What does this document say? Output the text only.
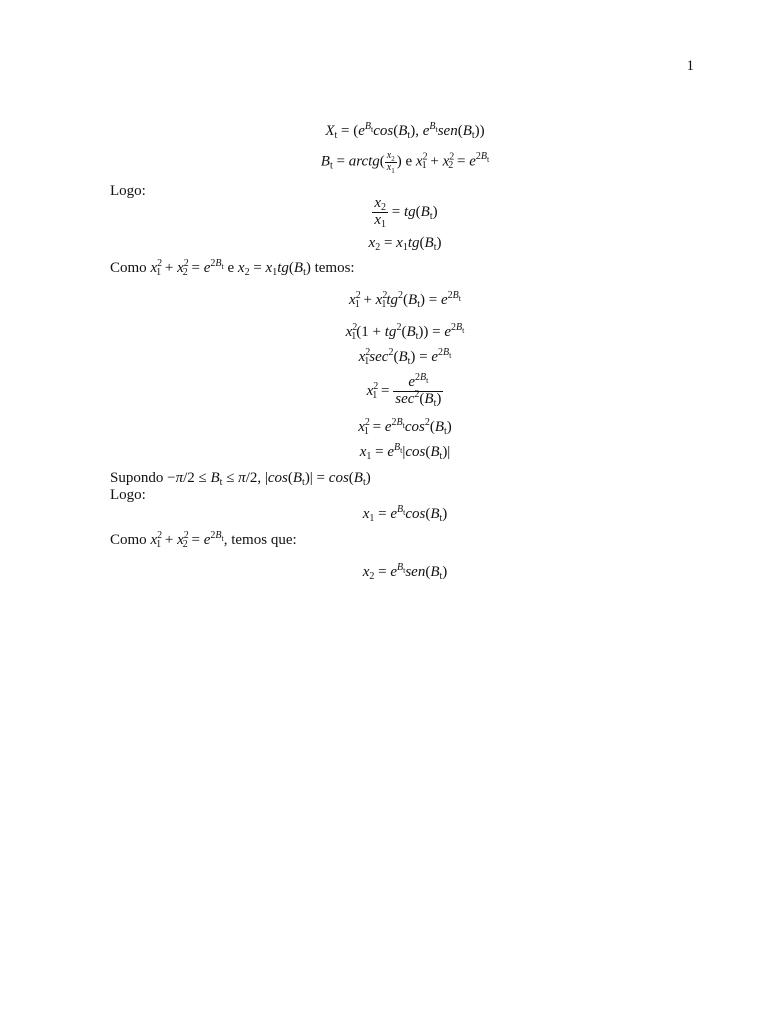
1
$X_t = (e^{B_t}\cos(B_t)$, $e^{B_t}sen(B_t)$)
$B_t$ = arctg( $\frac{x_2}{x_1}$ ) e $x^2_1 + x^2_2 = e^{2B_t}$
Logo:
$\frac{x_2}{x_1} = tg(B_t)$
$x_2 = x_1tg(B_t)$
Como $x^2_1 + x^2_2 = e^{2B_t}$ e $x_2 = x_1tg(B_t)$ temos:
$x^2_1 + x^2_1tg^2(B_t) = e^{2B_t}$
$x^2_1(1 + tg^2(B_t)) = e^{2B_t}$
$x^2_1\sec^2(B_t) = e^{2B_t}$
$x^2_1 = \frac{e^{2B_t}}{\sec^2(B_t)}$
$x^2_1 = e^{2B_t}\cos^2(B_t)$
$x_1 = e^{B_t}|\cos(B_t)|$
Supondo $-\pi/2 \le B_t \le \pi/2$, $|\cos(B_t)| = \cos(B_t)$
Logo:
$x_1 = e^{B_t}\cos(B_t)$
Como $x^2_1 + x^2_2 = e^{2B_t}$, temos que:
$x_2 = e^{B_t}sen(B_t)$
